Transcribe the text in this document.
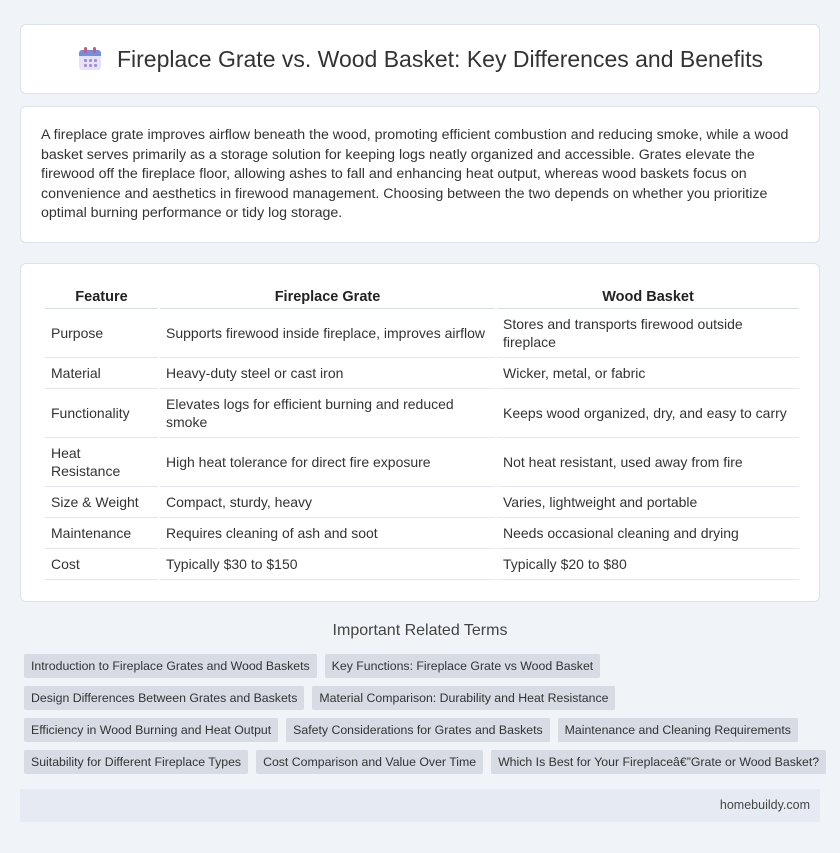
Fireplace Grate vs. Wood Basket: Key Differences and Benefits

A fireplace grate improves airflow beneath the wood, promoting efficient combustion and reducing smoke, while a wood basket serves primarily as a storage solution for keeping logs neatly organized and accessible. Grates elevate the firewood off the fireplace floor, allowing ashes to fall and enhancing heat output, whereas wood baskets focus on convenience and aesthetics in firewood management. Choosing between the two depends on whether you prioritize optimal burning performance or tidy log storage.

Feature	Fireplace Grate	Wood Basket
Purpose	Supports firewood inside fireplace, improves airflow	Stores and transports firewood outside fireplace
Material	Heavy-duty steel or cast iron	Wicker, metal, or fabric
Functionality	Elevates logs for efficient burning and reduced smoke	Keeps wood organized, dry, and easy to carry
Heat Resistance	High heat tolerance for direct fire exposure	Not heat resistant, used away from fire
Size & Weight	Compact, sturdy, heavy	Varies, lightweight and portable
Maintenance	Requires cleaning of ash and soot	Needs occasional cleaning and drying
Cost	Typically $30 to $150	Typically $20 to $80
Important Related Terms
Introduction to Fireplace Grates and Wood Baskets	Key Functions: Fireplace Grate vs Wood Basket
Design Differences Between Grates and Baskets	Material Comparison: Durability and Heat Resistance
Efficiency in Wood Burning and Heat Output	Safety Considerations for Grates and Baskets	Maintenance and Cleaning Requirements
Suitability for Different Fireplace Types	Cost Comparison and Value Over Time	Which Is Best for Your Fireplaceâ€”Grate or Wood Basket?
homebuildy.com
